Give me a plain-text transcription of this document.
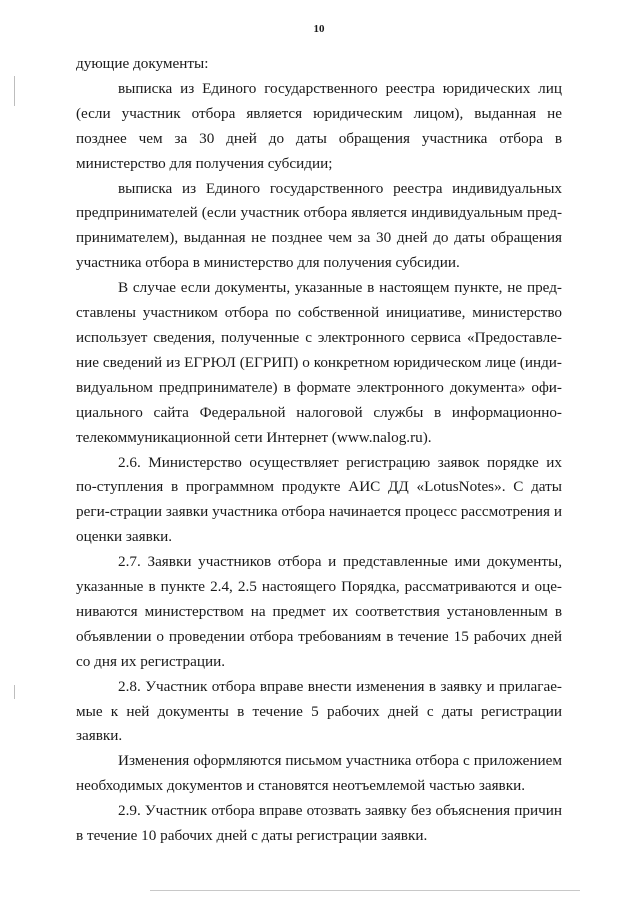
10

дующие документы:

выписка из Единого государственного реестра юридических лиц (если участник отбора является юридическим лицом), выданная не позднее чем за 30 дней до даты обращения участника отбора в министерство для получения субсидии;

выписка из Единого государственного реестра индивидуальных предпринимателей (если участник отбора является индивидуальным пред-принимателем), выданная не позднее чем за 30 дней до даты обращения участника отбора в министерство для получения субсидии.

В случае если документы, указанные в настоящем пункте, не пред-ставлены участником отбора по собственной инициативе, министерство использует сведения, полученные с электронного сервиса «Предоставле-ние сведений из ЕГРЮЛ (ЕГРИП) о конкретном юридическом лице (инди-видуальном предпринимателе) в формате электронного документа» офи-циального сайта Федеральной налоговой службы в информационно-телекоммуникационной сети Интернет (www.nalog.ru).

2.6. Министерство осуществляет регистрацию заявок порядке их по-ступления в программном продукте АИС ДД «LotusNotes». С даты реги-страции заявки участника отбора начинается процесс рассмотрения и оценки заявки.

2.7. Заявки участников отбора и представленные ими документы, указанные в пункте 2.4, 2.5 настоящего Порядка, рассматриваются и оце-ниваются министерством на предмет их соответствия установленным в объявлении о проведении отбора требованиям в течение 15 рабочих дней со дня их регистрации.

2.8. Участник отбора вправе внести изменения в заявку и прилагае-мые к ней документы в течение 5 рабочих дней с даты регистрации заявки.

Изменения оформляются письмом участника отбора с приложением необходимых документов и становятся неотъемлемой частью заявки.

2.9. Участник отбора вправе отозвать заявку без объяснения причин в течение 10 рабочих дней с даты регистрации заявки.
